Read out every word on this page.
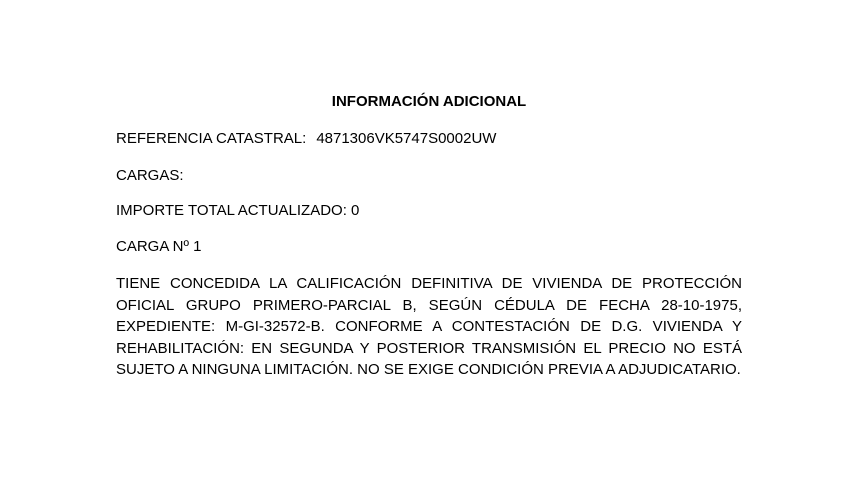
INFORMACIÓN ADICIONAL
REFERENCIA CATASTRAL: 4871306VK5747S0002UW
CARGAS:
IMPORTE TOTAL ACTUALIZADO: 0
CARGA Nº 1
TIENE CONCEDIDA LA CALIFICACIÓN DEFINITIVA DE VIVIENDA DE PROTECCIÓN OFICIAL GRUPO PRIMERO-PARCIAL B, SEGÚN CÉDULA DE FECHA 28-10-1975, EXPEDIENTE: M-GI-32572-B. CONFORME A CONTESTACIÓN DE D.G. VIVIENDA Y REHABILITACIÓN: EN SEGUNDA Y POSTERIOR TRANSMISIÓN EL PRECIO NO ESTÁ SUJETO A NINGUNA LIMITACIÓN. NO SE EXIGE CONDICIÓN PREVIA A ADJUDICATARIO.
